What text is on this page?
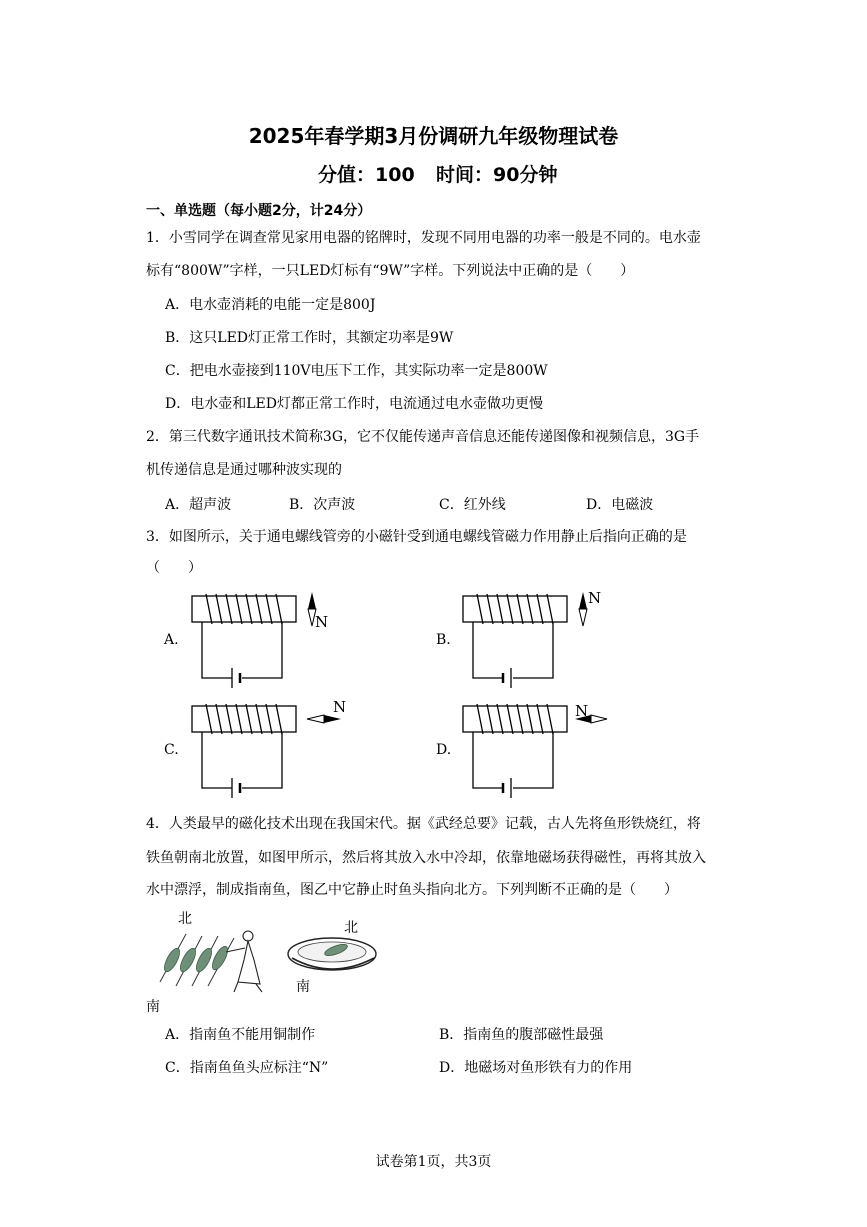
2025年春学期3月份调研九年级物理试卷
分值：100 时间：90分钟
一、单选题（每小题2分，计24分）
1．小雪同学在调查常见家用电器的铭牌时，发现不同用电器的功率一般是不同的。电水壶
标有“800W”字样，一只LED灯标有“9W”字样。下列说法中正确的是（　　）
A．电水壶消耗的电能一定是800J
B．这只LED灯正常工作时，其额定功率是9W
C．把电水壶接到110V电压下工作，其实际功率一定是800W
D．电水壶和LED灯都正常工作时，电流通过电水壶做功更慢
2．第三代数字通讯技术简称3G，它不仅能传递声音信息还能传递图像和视频信息，3G手
机传递信息是通过哪种波实现的
A．超声波	B．次声波	C．红外线	D．电磁波
3．如图所示，关于通电螺线管旁的小磁针受到通电螺线管磁力作用静止后指向正确的是
（　　）
A.
N
B.
N
C.
N
D.
N
4．人类最早的磁化技术出现在我国宋代。据《武经总要》记载，古人先将鱼形铁烧红，将
铁鱼朝南北放置，如图甲所示，然后将其放入水中冷却，依靠地磁场获得磁性，再将其放入
水中漂浮，制成指南鱼，图乙中它静止时鱼头指向北方。下列判断不正确的是（　　）
北
南
北
南
A．指南鱼不能用铜制作	B．指南鱼的腹部磁性最强
C．指南鱼鱼头应标注“N”	D．地磁场对鱼形铁有力的作用
试卷第1页，共3页
